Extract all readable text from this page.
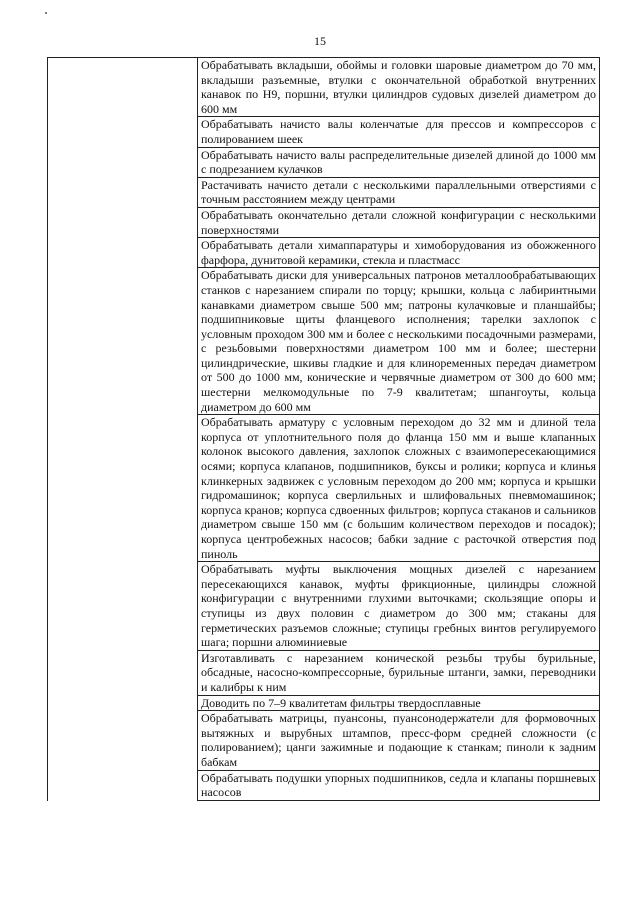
15
Обрабатывать вкладыши, обоймы и головки шаровые диаметром до 70 мм, вкладыши разъемные, втулки с окончательной обработкой внутренних канавок по Н9, поршни, втулки цилиндров судовых дизелей диаметром до 600 мм
Обрабатывать начисто валы коленчатые для прессов и компрессоров с полированием шеек
Обрабатывать начисто валы распределительные дизелей длиной до 1000 мм с подрезанием кулачков
Растачивать начисто детали с несколькими параллельными отверстиями с точным расстоянием между центрами
Обрабатывать окончательно детали сложной конфигурации с несколькими поверхностями
Обрабатывать детали химаппаратуры и химоборудования из обожженного фарфора, дунитовой керамики, стекла и пластмасс
Обрабатывать диски для универсальных патронов металлообрабатывающих станков с нарезанием спирали по торцу; крышки, кольца с лабиринтными канавками диаметром свыше 500 мм; патроны кулачковые и планшайбы; подшипниковые щиты фланцевого исполнения; тарелки захлопок с условным проходом 300 мм и более с несколькими посадочными размерами, с резьбовыми поверхностями диаметром 100 мм и более; шестерни цилиндрические, шкивы гладкие и для клиноременных передач диаметром от 500 до 1000 мм, конические и червячные диаметром от 300 до 600 мм; шестерни мелкомодульные по 7-9 квалитетам; шпангоуты, кольца диаметром до 600 мм
Обрабатывать арматуру с условным переходом до 32 мм и длиной тела корпуса от уплотнительного поля до фланца 150 мм и выше клапанных колонок высокого давления, захлопок сложных с взаимопересекающимися осями; корпуса клапанов, подшипников, буксы и ролики; корпуса и клинья клинкерных задвижек с условным переходом до 200 мм; корпуса и крышки гидромашинок; корпуса сверлильных и шлифовальных пневмомашинок; корпуса кранов; корпуса сдвоенных фильтров; корпуса стаканов и сальников диаметром свыше 150 мм (с большим количеством переходов и посадок); корпуса центробежных насосов; бабки задние с расточкой отверстия под пиноль
Обрабатывать муфты выключения мощных дизелей с нарезанием пересекающихся канавок, муфты фрикционные, цилиндры сложной конфигурации с внутренними глухими выточками; скользящие опоры и ступицы из двух половин с диаметром до 300 мм; стаканы для герметических разъемов сложные; ступицы гребных винтов регулируемого шага; поршни алюминиевые
Изготавливать с нарезанием конической резьбы трубы бурильные, обсадные, насосно-компрессорные, бурильные штанги, замки, переводники и калибры к ним
Доводить по 7–9 квалитетам фильтры твердосплавные
Обрабатывать матрицы, пуансоны, пуансонодержатели для формовочных вытяжных и вырубных штампов, пресс-форм средней сложности (с полированием); цанги зажимные и подающие к станкам; пиноли к задним бабкам
Обрабатывать подушки упорных подшипников, седла и клапаны поршневых насосов
